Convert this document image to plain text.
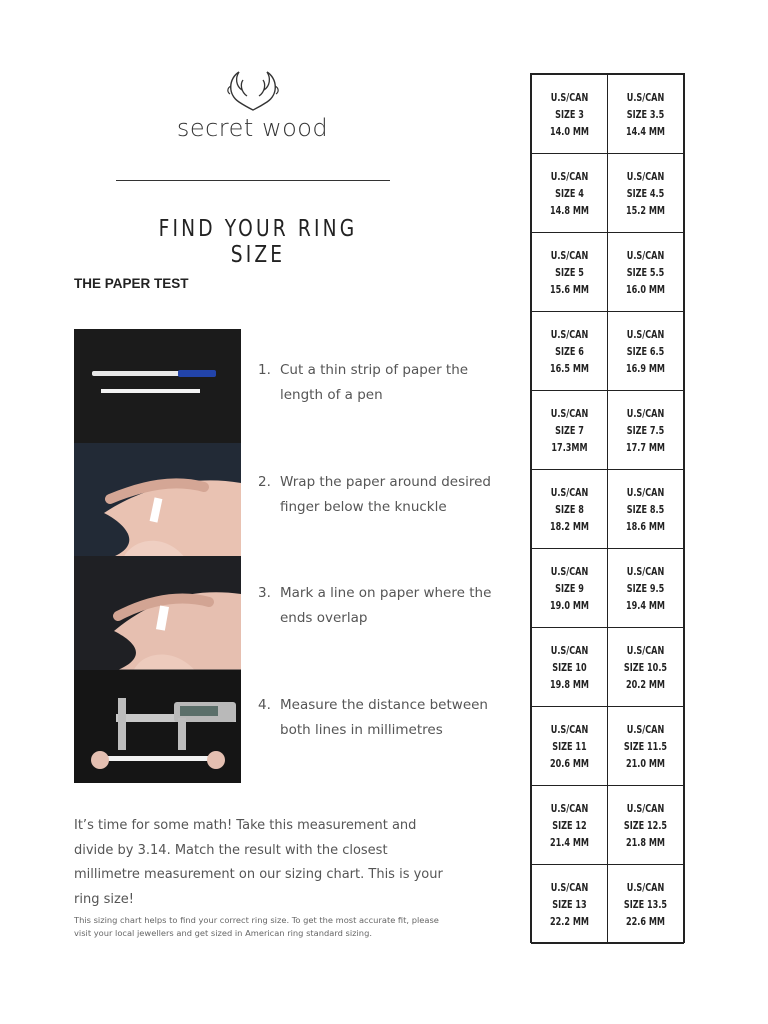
secret wood
FIND YOUR RING SIZE
THE PAPER TEST
1. Cut a thin strip of paper the length of a pen
2. Wrap the paper around desired finger below the knuckle
3. Mark a line on paper where the ends overlap
4. Measure the distance between both lines in millimetres
It’s time for some math! Take this measurement and divide by 3.14. Match the result with the closest millimetre measurement on our sizing chart. This is your ring size!
This sizing chart helps to find your correct ring size. To get the most accurate fit, please visit your local jewellers and get sized in American ring standard sizing.
U.S/CAN
SIZE 3
14.0 MM	U.S/CAN
SIZE 3.5
14.4 MM

U.S/CAN
SIZE 4
14.8 MM	U.S/CAN
SIZE 4.5
15.2 MM

U.S/CAN
SIZE 5
15.6 MM	U.S/CAN
SIZE 5.5
16.0 MM

U.S/CAN
SIZE 6
16.5 MM	U.S/CAN
SIZE 6.5
16.9 MM

U.S/CAN
SIZE 7
17.3MM	U.S/CAN
SIZE 7.5
17.7 MM

U.S/CAN
SIZE 8
18.2 MM	U.S/CAN
SIZE 8.5
18.6 MM

U.S/CAN
SIZE 9
19.0 MM	U.S/CAN
SIZE 9.5
19.4 MM

U.S/CAN
SIZE 10
19.8 MM	U.S/CAN
SIZE 10.5
20.2 MM

U.S/CAN
SIZE 11
20.6 MM	U.S/CAN
SIZE 11.5
21.0 MM

U.S/CAN
SIZE 12
21.4 MM	U.S/CAN
SIZE 12.5
21.8 MM

U.S/CAN
SIZE 13
22.2 MM	U.S/CAN
SIZE 13.5
22.6 MM
